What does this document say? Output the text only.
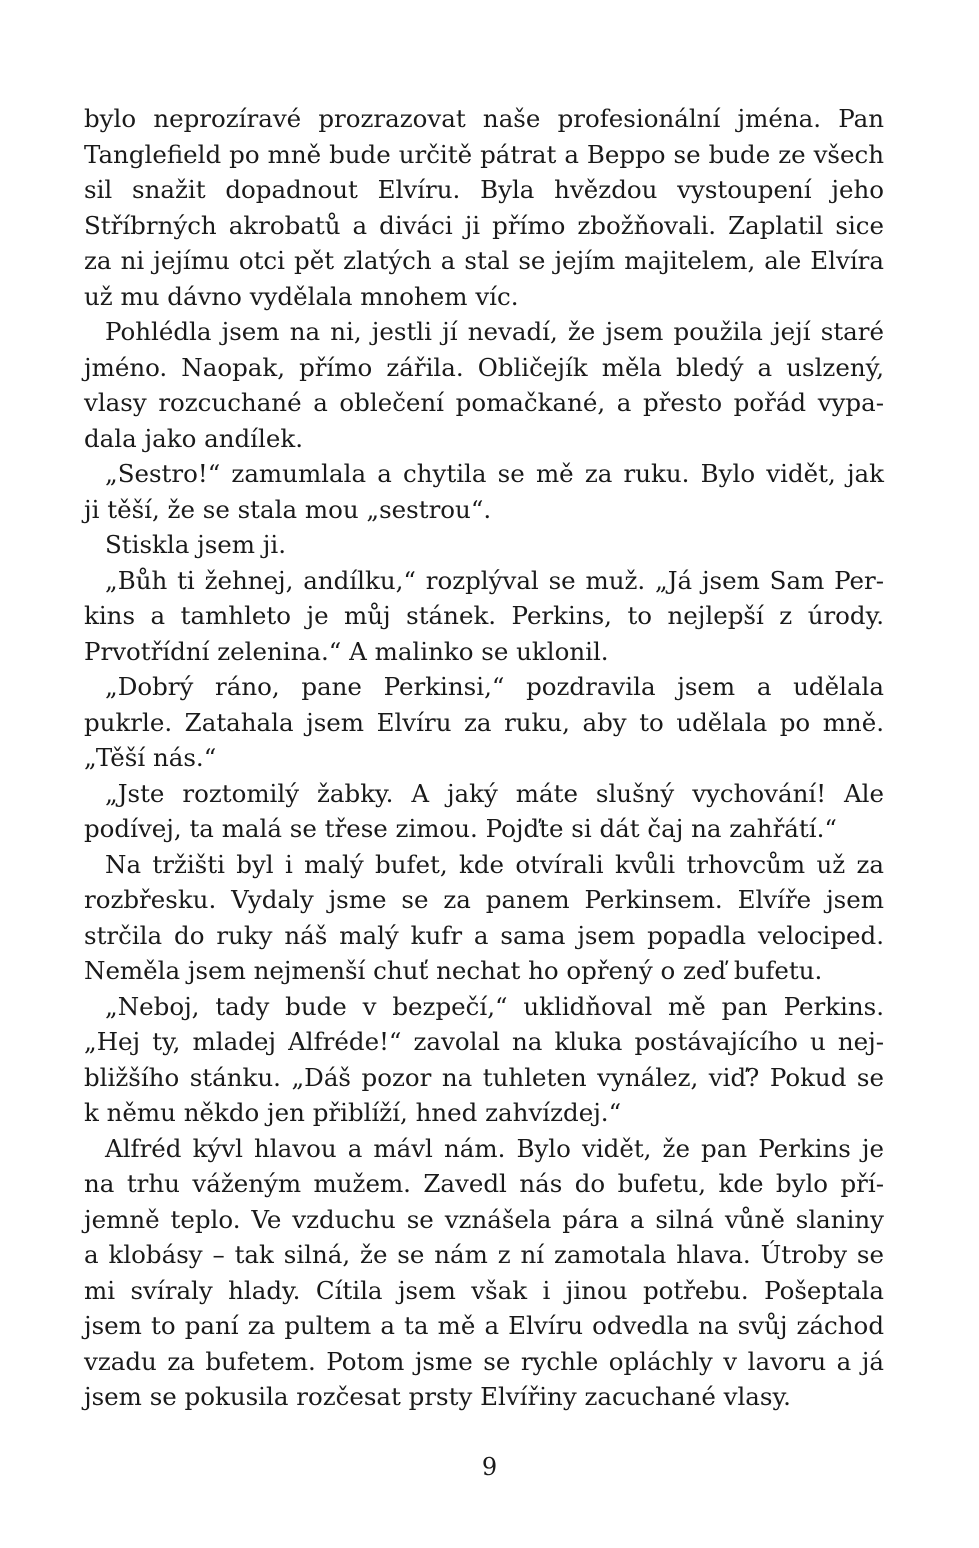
bylo neprozíravé prozrazovat naše profesionální jména. Pan
Tanglefield po mně bude určitě pátrat a Beppo se bude ze všech
sil snažit dopadnout Elvíru. Byla hvězdou vystoupení jeho
Stříbrných akrobatů a diváci ji přímo zbožňovali. Zaplatil sice
za ni jejímu otci pět zlatých a stal se jejím majitelem, ale Elvíra
už mu dávno vydělala mnohem víc.
Pohlédla jsem na ni, jestli jí nevadí, že jsem použila její staré
jméno. Naopak, přímo zářila. Obličejík měla bledý a uslzený,
vlasy rozcuchané a oblečení pomačkané, a přesto pořád vypa-
dala jako andílek.
„Sestro!“ zamumlala a chytila se mě za ruku. Bylo vidět, jak
ji těší, že se stala mou „sestrou“.
Stiskla jsem ji.
„Bůh ti žehnej, andílku,“ rozplýval se muž. „Já jsem Sam Per-
kins a tamhleto je můj stánek. Perkins, to nejlepší z úrody.
Prvotřídní zelenina.“ A malinko se uklonil.
„Dobrý ráno, pane Perkinsi,“ pozdravila jsem a udělala
pukrle. Zatahala jsem Elvíru za ruku, aby to udělala po mně.
„Těší nás.“
„Jste roztomilý žabky. A jaký máte slušný vychování! Ale
podívej, ta malá se třese zimou. Pojďte si dát čaj na zahřátí.“
Na tržišti byl i malý bufet, kde otvírali kvůli trhovcům už za
rozbřesku. Vydaly jsme se za panem Perkinsem. Elvíře jsem
strčila do ruky náš malý kufr a sama jsem popadla velociped.
Neměla jsem nejmenší chuť nechat ho opřený o zeď bufetu.
„Neboj, tady bude v bezpečí,“ uklidňoval mě pan Perkins.
„Hej ty, mladej Alfréde!“ zavolal na kluka postávajícího u nej-
bližšího stánku. „Dáš pozor na tuhleten vynález, viď? Pokud se
k němu někdo jen přiblíží, hned zahvízdej.“
Alfréd kývl hlavou a mávl nám. Bylo vidět, že pan Perkins je
na trhu váženým mužem. Zavedl nás do bufetu, kde bylo pří-
jemně teplo. Ve vzduchu se vznášela pára a silná vůně slaniny
a klobásy – tak silná, že se nám z ní zamotala hlava. Útroby se
mi svíraly hlady. Cítila jsem však i jinou potřebu. Pošeptala
jsem to paní za pultem a ta mě a Elvíru odvedla na svůj záchod
vzadu za bufetem. Potom jsme se rychle opláchly v lavoru a já
jsem se pokusila rozčesat prsty Elvířiny zacuchané vlasy.
9
